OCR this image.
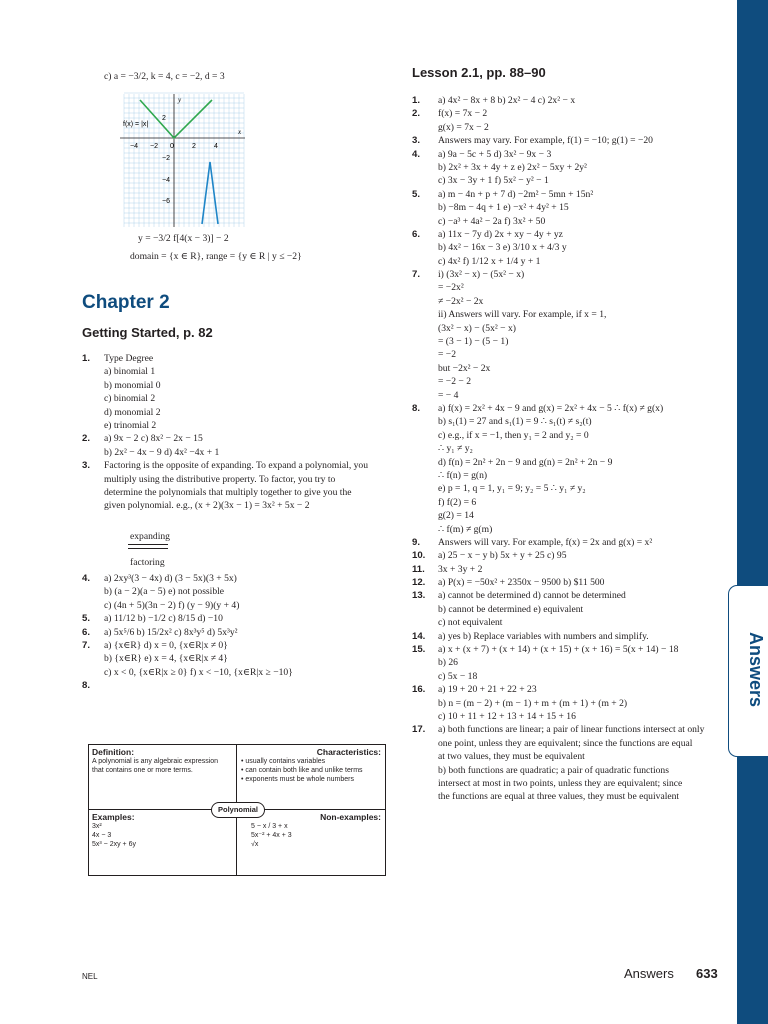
Answers
c) a = −3/2, k = 4, c = −2, d = 3
f(x) = |x|
y
x
−4 −2 0	2	4
2
−2
−4
−6
y = −3/2 f[4(x − 3)] − 2
domain = {x ∈ R}, range = {y ∈ R | y ≤ −2}
Chapter 2
Getting Started, p. 82
1. Type Degree
a) binomial 1
b) monomial 0
c) binomial 2
d) monomial 2
e) trinomial 2
2. a) 9x − 2 c) 8x² − 2x − 15
b) 2x² − 4x − 9 d) 4x² −4x + 1
3. Factoring is the opposite of expanding. To expand a polynomial, you
multiply using the distributive property. To factor, you try to
determine the polynomials that multiply together to give you the
given polynomial. e.g., (x + 2)(3x − 1) = 3x² + 5x − 2
expanding
factoring
4. a) 2xy³(3 − 4x) d) (3 − 5x)(3 + 5x)
b) (a − 2)(a − 5) e) not possible
c) (4n + 5)(3n − 2) f) (y − 9)(y + 4)
5. a) 11/12 b) −1/2 c) 8/15 d) −10
6. a) 5x⁵/6 b) 15/2x² c) 8x³y⁵ d) 5x³y²
7. a) {x∈R} d) x = 0, {x∈R|x ≠ 0}
b) {x∈R} e) x = 4, {x∈R|x ≠ 4}
c) x < 0, {x∈R|x ≥ 0} f) x < −10, {x∈R|x ≥ −10}
8.
Definition:
A polynomial is any algebraic expression
that contains one or more terms.
Characteristics:
• usually contains variables
• can contain both like and unlike terms
• exponents must be whole numbers
Examples:
3x²
4x − 3
5x³ − 2xy + 6y
Non-examples:
5 − x / 3 + x
5x⁻² + 4x + 3
√x
Polynomial
Lesson 2.1, pp. 88–90
1. a) 4x² − 8x + 8 b) 2x² − 4 c) 2x² − x
2. f(x) = 7x − 2
g(x) = 7x − 2
3. Answers may vary. For example, f(1) = −10; g(1) = −20
4. a) 9a − 5c + 5 d) 3x² − 9x − 3
b) 2x² + 3x + 4y + z e) 2x² − 5xy + 2y²
c) 3x − 3y + 1 f) 5x² − y² − 1
5. a) m − 4n + p + 7 d) −2m² − 5mn + 15n²
b) −8m − 4q + 1 e) −x² + 4y² + 15
c) −a³ + 4a² − 2a f) 3x² + 50
6. a) 11x − 7y d) 2x + xy − 4y + yz
b) 4x² − 16x − 3 e) 3/10 x + 4/3 y
c) 4x² f) 1/12 x + 1/4 y + 1
7. i) (3x² − x) − (5x² − x)
= −2x²
≠ −2x² − 2x
ii) Answers will vary. For example, if x = 1,
(3x² − x) − (5x² − x)
= (3 − 1) − (5 − 1)
= −2
but −2x² − 2x
= −2 − 2
= − 4
8. a) f(x) = 2x² + 4x − 9 and g(x) = 2x² + 4x − 5 ∴ f(x) ≠ g(x)
b) s₁(1) = 27 and s₁(1) = 9 ∴ s₁(t) ≠ s₂(t)
c) e.g., if x = −1, then y₁ = 2 and y₂ = 0
∴ y₁ ≠ y₂
d) f(n) = 2n² + 2n − 9 and g(n) = 2n² + 2n − 9
∴ f(n) = g(n)
e) p = 1, q = 1, y₁ = 9; y₂ = 5 ∴ y₁ ≠ y₂
f) f(2) = 6
g(2) = 14
∴ f(m) ≠ g(m)
9. Answers will vary. For example, f(x) = 2x and g(x) = x²
10. a) 25 − x − y b) 5x + y + 25 c) 95
11. 3x + 3y + 2
12. a) P(x) = −50x² + 2350x − 9500 b) $11 500
13. a) cannot be determined d) cannot be determined
b) cannot be determined e) equivalent
c) not equivalent
14. a) yes b) Replace variables with numbers and simplify.
15. a) x + (x + 7) + (x + 14) + (x + 15) + (x + 16) = 5(x + 14) − 18
b) 26
c) 5x − 18
16. a) 19 + 20 + 21 + 22 + 23
b) n = (m − 2) + (m − 1) + m + (m + 1) + (m + 2)
c) 10 + 11 + 12 + 13 + 14 + 15 + 16
17. a) both functions are linear; a pair of linear functions intersect at only
one point, unless they are equivalent; since the functions are equal
at two values, they must be equivalent
b) both functions are quadratic; a pair of quadratic functions
intersect at most in two points, unless they are equivalent; since
the functions are equal at three values, they must be equivalent
NEL	Answers 633
